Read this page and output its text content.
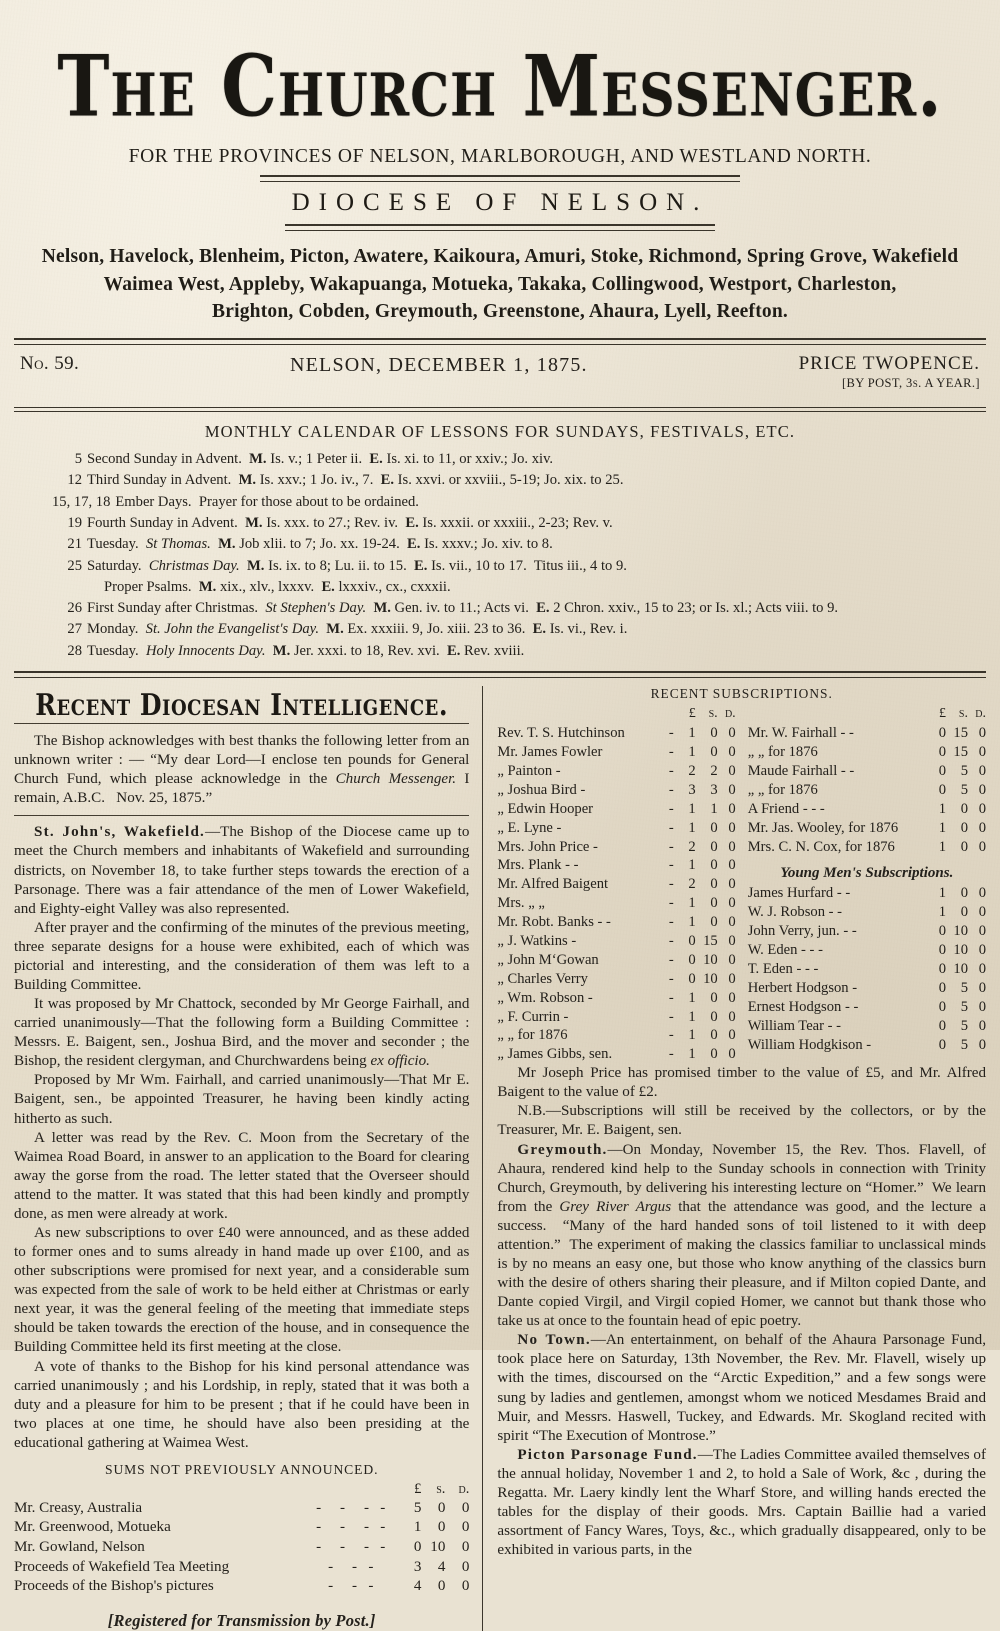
The Church Messenger.
FOR THE PROVINCES OF NELSON, MARLBOROUGH, AND WESTLAND NORTH.
DIOCESE OF NELSON.
Nelson, Havelock, Blenheim, Picton, Awatere, Kaikoura, Amuri, Stoke, Richmond, Spring Grove, Wakefield
Waimea West, Appleby, Wakapuanga, Motueka, Takaka, Collingwood, Westport, Charleston,
Brighton, Cobden, Greymouth, Greenstone, Ahaura, Lyell, Reefton.
No. 59.	NELSON, DECEMBER 1, 1875.	PRICE TWOPENCE.
[BY POST, 3s. A YEAR.]
MONTHLY CALENDAR OF LESSONS FOR SUNDAYS, FESTIVALS, ETC.
5 Second Sunday in Advent.  M. Is. v.; 1 Peter ii.  E. Is. xi. to 11, or xxiv.; Jo. xiv.
12 Third Sunday in Advent.  M. Is. xxv.; 1 Jo. iv., 7.  E. Is. xxvi. or xxviii., 5-19; Jo. xix. to 25.
15, 17, 18 Ember Days.  Prayer for those about to be ordained.
19 Fourth Sunday in Advent.  M. Is. xxx. to 27.; Rev. iv.  E. Is. xxxii. or xxxiii., 2-23; Rev. v.
21 Tuesday.  St Thomas. M. Job xlii. to 7; Jo. xx. 19-24.  E. Is. xxxv.; Jo. xiv. to 8.
25 Saturday.  Christmas Day. M. Is. ix. to 8; Lu. ii. to 15.  E. Is. vii., 10 to 17.  Titus iii., 4 to 9.
Proper Psalms.  M. xix., xlv., lxxxv.  E. lxxxiv., cx., cxxxii.
26 First Sunday after Christmas.  St Stephen's Day. M. Gen. iv. to 11.; Acts vi.  E. 2 Chron. xxiv., 15 to 23; or Is. xl.; Acts viii. to 9.
27 Monday.  St. John the Evangelist's Day. M. Ex. xxxiii. 9, Jo. xiii. 23 to 36.  E. Is. vi., Rev. i.
28 Tuesday.  Holy Innocents Day. M. Jer. xxxi. to 18, Rev. xvi.  E. Rev. xviii.
Recent Diocesan Intelligence.

The Bishop acknowledges with best thanks the following letter from an unknown writer : — “My dear Lord—I enclose ten pounds for General Church Fund, which please acknowledge in the Church Messenger. I remain, A.B.C.   Nov. 25, 1875.”

St. John's, Wakefield.—The Bishop of the Diocese came up to meet the Church members and inhabitants of Wakefield and surrounding districts, on November 18, to take further steps towards the erection of a Parsonage. There was a fair attendance of the men of Lower Wakefield, and Eighty-eight Valley was also represented.

After prayer and the confirming of the minutes of the previous meeting, three separate designs for a house were exhibited, each of which was pictorial and interesting, and the consideration of them was left to a Building Committee.

It was proposed by Mr Chattock, seconded by Mr George Fairhall, and carried unanimously—That the following form a Building Committee : Messrs. E. Baigent, sen., Joshua Bird, and the mover and seconder ; the Bishop, the resident clergyman, and Churchwardens being ex officio.

Proposed by Mr Wm. Fairhall, and carried unanimously—That Mr E. Baigent, sen., be appointed Treasurer, he having been kindly acting hitherto as such.

A letter was read by the Rev. C. Moon from the Secretary of the Waimea Road Board, in answer to an application to the Board for clearing away the gorse from the road. The letter stated that the Overseer should attend to the matter. It was stated that this had been kindly and promptly done, as men were already at work.

As new subscriptions to over £40 were announced, and as these added to former ones and to sums already in hand made up over £100, and as other subscriptions were promised for next year, and a considerable sum was expected from the sale of work to be held either at Christmas or early next year, it was the general feeling of the meeting that immediate steps should be taken towards the erection of the house, and in consequence the Building Committee held its first meeting at the close.

A vote of thanks to the Bishop for his kind personal attendance was carried unanimously ; and his Lordship, in reply, stated that it was both a duty and a pleasure for him to be present ; that if he could have been in two places at one time, he should have also been presiding at the educational gathering at Waimea West.

SUMS NOT PREVIOUSLY ANNOUNCED.
		£	s.	d.
Mr. Creasy, Australia	-     -     -   -	5	0	0
Mr. Greenwood, Motueka	-     -     -   -	1	0	0
Mr. Gowland, Nelson	-     -     -   -	0	10	0
Proceeds of Wakefield Tea Meeting	-     -   -	3	4	0
Proceeds of the Bishop's pictures	-     -   -	4	0	0
[Registered for Transmission by Post.]
RECENT SUBSCRIPTIONS.
		£	s.	d.
Rev. T. S. Hutchinson	-	1	0	0
Mr. James Fowler	-	1	0	0
„ Painton -	-	2	2	0
„ Joshua Bird -	-	3	3	0
„ Edwin Hooper	-	1	1	0
„ E. Lyne -	-	1	0	0
Mrs. John Price -	-	2	0	0
Mrs. Plank - -	-	1	0	0
Mr. Alfred Baigent	-	2	0	0
Mrs. „ „	-	1	0	0
Mr. Robt. Banks - -	-	1	0	0
„ J. Watkins -	-	0	15	0
„ John M‘Gowan	-	0	10	0
„ Charles Verry	-	0	10	0
„ Wm. Robson -	-	1	0	0
„ F. Currin -	-	1	0	0
„ „ for 1876	-	1	0	0
„ James Gibbs, sen.	-	1	0	0
		£	s.	d.
Mr. W. Fairhall - -		0	15	0
„ „ for 1876		0	15	0
Maude Fairhall - -		0	5	0
„ „ for 1876		0	5	0
A Friend - - -		1	0	0
Mr. Jas. Wooley, for 1876		1	0	0
Mrs. C. N. Cox, for 1876		1	0	0
Young Men's Subscriptions.
James Hurfard - -	1	0	0
W. J. Robson - -	1	0	0
John Verry, jun. - -	0	10	0
W. Eden - - -	0	10	0
T. Eden - - -	0	10	0
Herbert Hodgson -	0	5	0
Ernest Hodgson - -	0	5	0
William Tear - -	0	5	0
William Hodgkison -	0	5	0

Mr Joseph Price has promised timber to the value of £5, and Mr. Alfred Baigent to the value of £2.

N.B.—Subscriptions will still be received by the collectors, or by the Treasurer, Mr. E. Baigent, sen.

Greymouth.—On Monday, November 15, the Rev. Thos. Flavell, of Ahaura, rendered kind help to the Sunday schools in connection with Trinity Church, Greymouth, by delivering his interesting lecture on “Homer.”  We learn from the Grey River Argus that the attendance was good, and the lecture a success.  “Many of the hard handed sons of toil listened to it with deep attention.”  The experiment of making the classics familiar to unclassical minds is by no means an easy one, but those who know anything of the classics burn with the desire of others sharing their pleasure, and if Milton copied Dante, and Dante copied Virgil, and Virgil copied Homer, we cannot but thank those who take us at once to the fountain head of epic poetry.

No Town.—An entertainment, on behalf of the Ahaura Parsonage Fund, took place here on Saturday, 13th November, the Rev. Mr. Flavell, wisely up with the times, discoursed on the “Arctic Expedition,” and a few songs were sung by ladies and gentlemen, amongst whom we noticed Mesdames Braid and Muir, and Messrs. Haswell, Tuckey, and Edwards. Mr. Skogland recited with spirit “The Execution of Montrose.”

Picton Parsonage Fund.—The Ladies Committee availed themselves of the annual holiday, November 1 and 2, to hold a Sale of Work, &c , during the Regatta. Mr. Laery kindly lent the Wharf Store, and willing hands erected the tables for the display of their goods. Mrs. Captain Baillie had a varied assortment of Fancy Wares, Toys, &c., which gradually disappeared, only to be exhibited in various parts, in the
